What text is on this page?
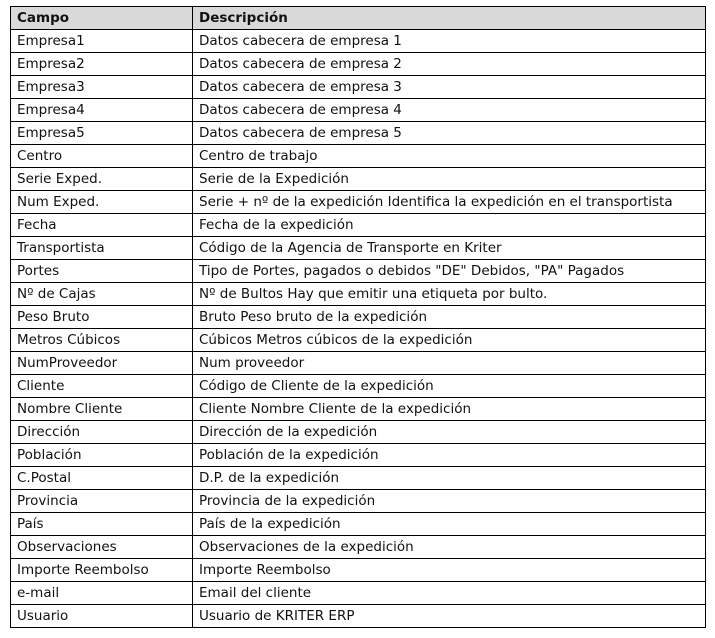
Campo	Descripción
Empresa1	Datos cabecera de empresa 1
Empresa2	Datos cabecera de empresa 2
Empresa3	Datos cabecera de empresa 3
Empresa4	Datos cabecera de empresa 4
Empresa5	Datos cabecera de empresa 5
Centro	Centro de trabajo
Serie Exped.	Serie de la Expedición
Num Exped.	Serie + nº de la expedición Identifica la expedición en el transportista
Fecha	Fecha de la expedición
Transportista	Código de la Agencia de Transporte en Kriter
Portes	Tipo de Portes, pagados o debidos "DE" Debidos, "PA" Pagados
Nº de Cajas	Nº de Bultos Hay que emitir una etiqueta por bulto.
Peso Bruto	Bruto Peso bruto de la expedición
Metros Cúbicos	Cúbicos Metros cúbicos de la expedición
NumProveedor	Num proveedor
Cliente	Código de Cliente de la expedición
Nombre Cliente	Cliente Nombre Cliente de la expedición
Dirección	Dirección de la expedición
Población	Población de la expedición
C.Postal	D.P. de la expedición
Provincia	Provincia de la expedición
País	País de la expedición
Observaciones	Observaciones de la expedición
Importe Reembolso	Importe Reembolso
e-mail	Email del cliente
Usuario	Usuario de KRITER ERP
